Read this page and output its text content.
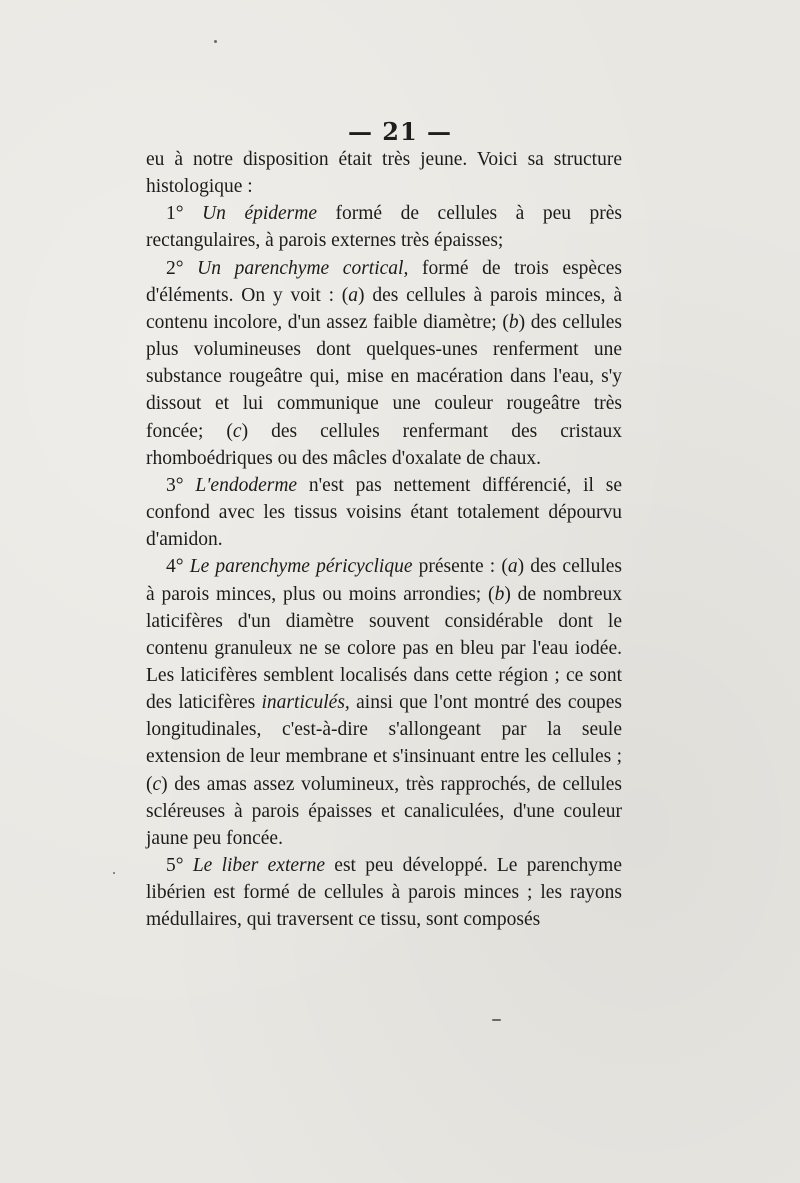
— 21 —

eu à notre disposition était très jeune. Voici sa structure histologique :

1° Un épiderme formé de cellules à peu près rectangulaires, à parois externes très épaisses;

2° Un parenchyme cortical, formé de trois espèces d'éléments. On y voit : (a) des cellules à parois minces, à contenu incolore, d'un assez faible diamètre; (b) des cellules plus volumineuses dont quelques-unes renferment une substance rougeâtre qui, mise en macération dans l'eau, s'y dissout et lui communique une couleur rougeâtre très foncée; (c) des cellules renfermant des cristaux rhomboédriques ou des mâcles d'oxalate de chaux.

3° L'endoderme n'est pas nettement différencié, il se confond avec les tissus voisins étant totalement dépourvu d'amidon.

4° Le parenchyme péricyclique présente : (a) des cellules à parois minces, plus ou moins arrondies; (b) de nombreux laticifères d'un diamètre souvent considérable dont le contenu granuleux ne se colore pas en bleu par l'eau iodée. Les laticifères semblent localisés dans cette région ; ce sont des laticifères inarticulés, ainsi que l'ont montré des coupes longitudinales, c'est-à-dire s'allongeant par la seule extension de leur membrane et s'insinuant entre les cellules ; (c) des amas assez volumineux, très rapprochés, de cellules scléreuses à parois épaisses et canaliculées, d'une couleur jaune peu foncée.

5° Le liber externe est peu développé. Le parenchyme libérien est formé de cellules à parois minces ; les rayons médullaires, qui traversent ce tissu, sont composés
